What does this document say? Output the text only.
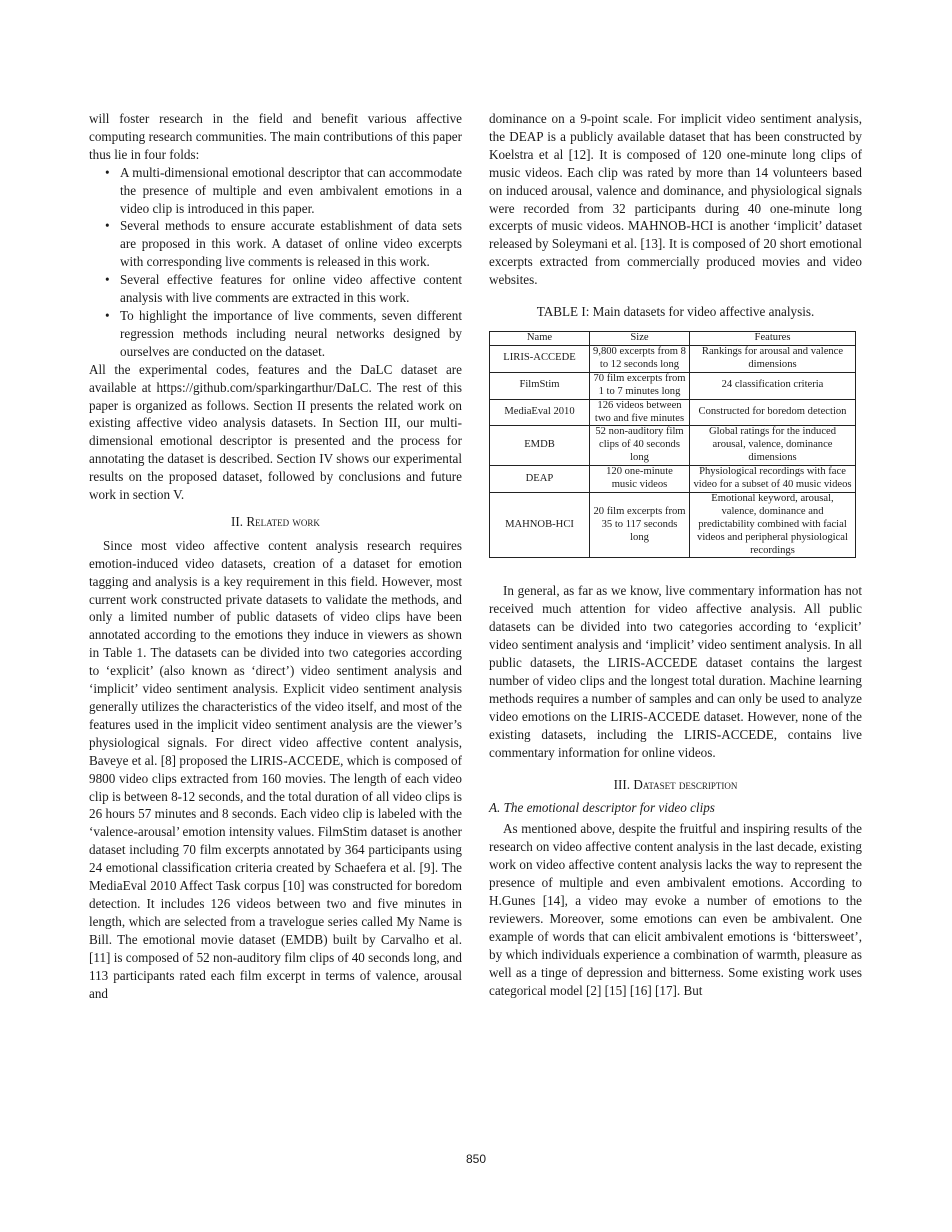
will foster research in the field and benefit various affective computing research communities. The main contributions of this paper thus lie in four folds:

• A multi-dimensional emotional descriptor that can accommodate the presence of multiple and even ambivalent emotions in a video clip is introduced in this paper.
• Several methods to ensure accurate establishment of data sets are proposed in this work. A dataset of online video excerpts with corresponding live comments is released in this work.
• Several effective features for online video affective content analysis with live comments are extracted in this work.
• To highlight the importance of live comments, seven different regression methods including neural networks designed by ourselves are conducted on the dataset.

All the experimental codes, features and the DaLC dataset are available at https://github.com/sparkingarthur/DaLC. The rest of this paper is organized as follows. Section II presents the related work on existing affective video analysis datasets. In Section III, our multi-dimensional emotional descriptor is presented and the process for annotating the dataset is described. Section IV shows our experimental results on the proposed dataset, followed by conclusions and future work in section V.

II. Related work

Since most video affective content analysis research requires emotion-induced video datasets, creation of a dataset for emotion tagging and analysis is a key requirement in this field. However, most current work constructed private datasets to validate the methods, and only a limited number of public datasets of video clips have been annotated according to the emotions they induce in viewers as shown in Table 1. The datasets can be divided into two categories according to ‘explicit’ (also known as ‘direct’) video sentiment analysis and ‘implicit’ video sentiment analysis. Explicit video sentiment analysis generally utilizes the characteristics of the video itself, and most of the features used in the implicit video sentiment analysis are the viewer’s physiological signals. For direct video affective content analysis, Baveye et al. [8] proposed the LIRIS-ACCEDE, which is composed of 9800 video clips extracted from 160 movies. The length of each video clip is between 8-12 seconds, and the total duration of all video clips is 26 hours 57 minutes and 8 seconds. Each video clip is labeled with the ‘valence-arousal’ emotion intensity values. FilmStim dataset is another dataset including 70 film excerpts annotated by 364 participants using 24 emotional classification criteria created by Schaefera et al. [9]. The MediaEval 2010 Affect Task corpus [10] was constructed for boredom detection. It includes 126 videos between two and five minutes in length, which are selected from a travelogue series called My Name is Bill. The emotional movie dataset (EMDB) built by Carvalho et al. [11] is composed of 52 non-auditory film clips of 40 seconds long, and 113 participants rated each film excerpt in terms of valence, arousal and

dominance on a 9-point scale. For implicit video sentiment analysis, the DEAP is a publicly available dataset that has been constructed by Koelstra et al [12]. It is composed of 120 one-minute long clips of music videos. Each clip was rated by more than 14 volunteers based on induced arousal, valence and dominance, and physiological signals were recorded from 32 participants during 40 one-minute long excerpts of music videos. MAHNOB-HCI is another ‘implicit’ dataset released by Soleymani et al. [13]. It is composed of 20 short emotional excerpts extracted from commercially produced movies and video websites.

TABLE I: Main datasets for video affective analysis.
Name	Size	Features
LIRIS-ACCEDE	9,800 excerpts from 8 to 12 seconds long	Rankings for arousal and valence dimensions
FilmStim	70 film excerpts from 1 to 7 minutes long	24 classification criteria
MediaEval 2010	126 videos between two and five minutes	Constructed for boredom detection
EMDB	52 non-auditory film clips of 40 seconds long	Global ratings for the induced arousal, valence, dominance dimensions
DEAP	120 one-minute music videos	Physiological recordings with face video for a subset of 40 music videos
MAHNOB-HCI	20 film excerpts from 35 to 117 seconds long	Emotional keyword, arousal, valence, dominance and predictability combined with facial videos and peripheral physiological recordings

In general, as far as we know, live commentary information has not received much attention for video affective analysis. All public datasets can be divided into two categories according to ‘explicit’ video sentiment analysis and ‘implicit’ video sentiment analysis. In all public datasets, the LIRIS-ACCEDE dataset contains the largest number of video clips and the longest total duration. Machine learning methods requires a number of samples and can only be used to analyze video emotions on the LIRIS-ACCEDE dataset. However, none of the existing datasets, including the LIRIS-ACCEDE, contains live commentary information for online videos.

III. Dataset description
A. The emotional descriptor for video clips

As mentioned above, despite the fruitful and inspiring results of the research on video affective content analysis in the last decade, existing work on video affective content analysis lacks the way to represent the presence of multiple and even ambivalent emotions. According to H.Gunes [14], a video may evoke a number of emotions to the reviewers. Moreover, some emotions can even be ambivalent. One example of words that can elicit ambivalent emotions is ‘bittersweet’, by which individuals experience a combination of warmth, pleasure as well as a tinge of depression and bitterness. Some existing work uses categorical model [2] [15] [16] [17]. But

850
